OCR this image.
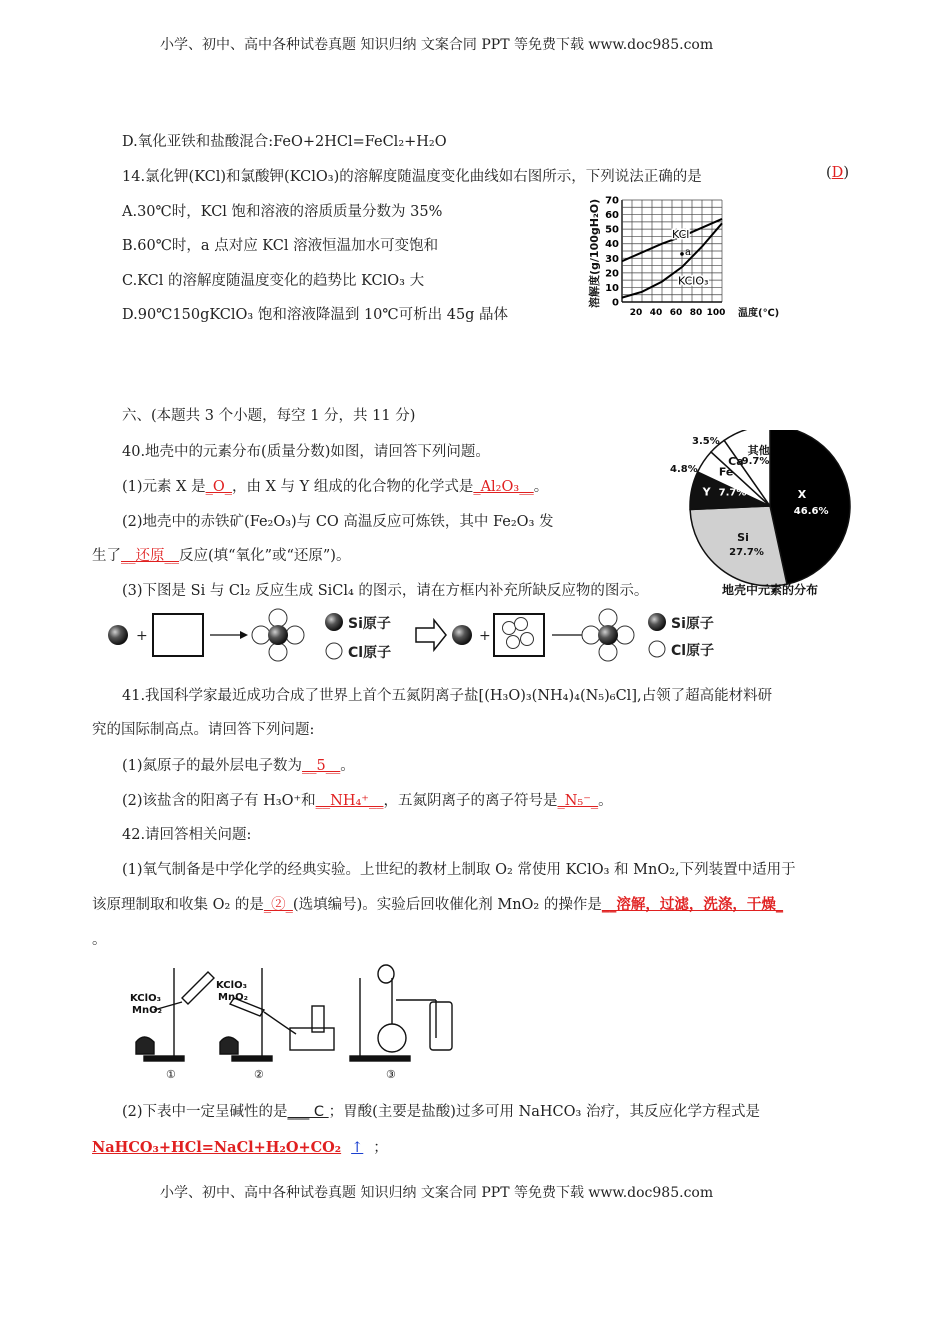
小学、初中、高中各种试卷真题 知识归纳 文案合同 PPT 等免费下载 www.doc985.com
D.氧化亚铁和盐酸混合:FeO+2HCl=FeCl₂+H₂O
14.氯化钾(KCl)和氯酸钾(KClO₃)的溶解度随温度变化曲线如右图所示，下列说法正确的是	(D)
A.30℃时，KCl 饱和溶液的溶质质量分数为 35%
B.60℃时，a 点对应 KCl 溶液恒温加水可变饱和
C.KCl 的溶解度随温度变化的趋势比 KClO₃ 大
D.90℃150gKClO₃ 饱和溶液降温到 10℃可析出 45g 晶体
KCl
KClO₃
a
0
10
20
30
40
50
60
70
20 40 60 80 100
溶解度(g/100gH₂O)
温度(℃)
六、(本题共 3 个小题，每空 1 分，共 11 分)
40.地壳中的元素分布(质量分数)如图，请回答下列问题。
(1)元素 X 是_O_，由 X 与 Y 组成的化合物的化学式是_Al₂O₃__。
(2)地壳中的赤铁矿(Fe₂O₃)与 CO 高温反应可炼铁，其中 Fe₂O₃ 发
生了__还原__反应(填“氧化”或“还原”)。
(3)下图是 Si 与 Cl₂ 反应生成 SiCl₄ 的图示，请在方框内补充所缺反应物的图示。
X
46.6%
Si
27.7%
Y 7.7%
Fe
4.8%
Ca
3.5%
其他
9.7%
地壳中元素的分布
+
Si原子
Cl原子
+
Si原子
Cl原子
41.我国科学家最近成功合成了世界上首个五氮阴离子盐[(H₃O)₃(NH₄)₄(N₅)₆Cl],占领了超高能材料研
究的国际制高点。请回答下列问题:
(1)氮原子的最外层电子数为__5__。
(2)该盐含的阳离子有 H₃O⁺和__NH₄⁺__，五氮阴离子的离子符号是_N₅⁻_。
42.请回答相关问题:
(1)氧气制备是中学化学的经典实验。上世纪的教材上制取 O₂ 常使用 KClO₃ 和 MnO₂,下列装置中适用于
该原理制取和收集 O₂ 的是_②_(选填编号)。实验后回收催化剂 MnO₂ 的操作是__溶解，过滤，洗涤，干燥_
。
KClO₃
MnO₂
①
KClO₃
MnO₂
②	③
(2)下表中一定呈碱性的是___ C ；胃酸(主要是盐酸)过多可用 NaHCO₃ 治疗，其反应化学方程式是
NaHCO₃+HCl=NaCl+H₂O+CO₂ ↑ ；
小学、初中、高中各种试卷真题 知识归纳 文案合同 PPT 等免费下载 www.doc985.com
